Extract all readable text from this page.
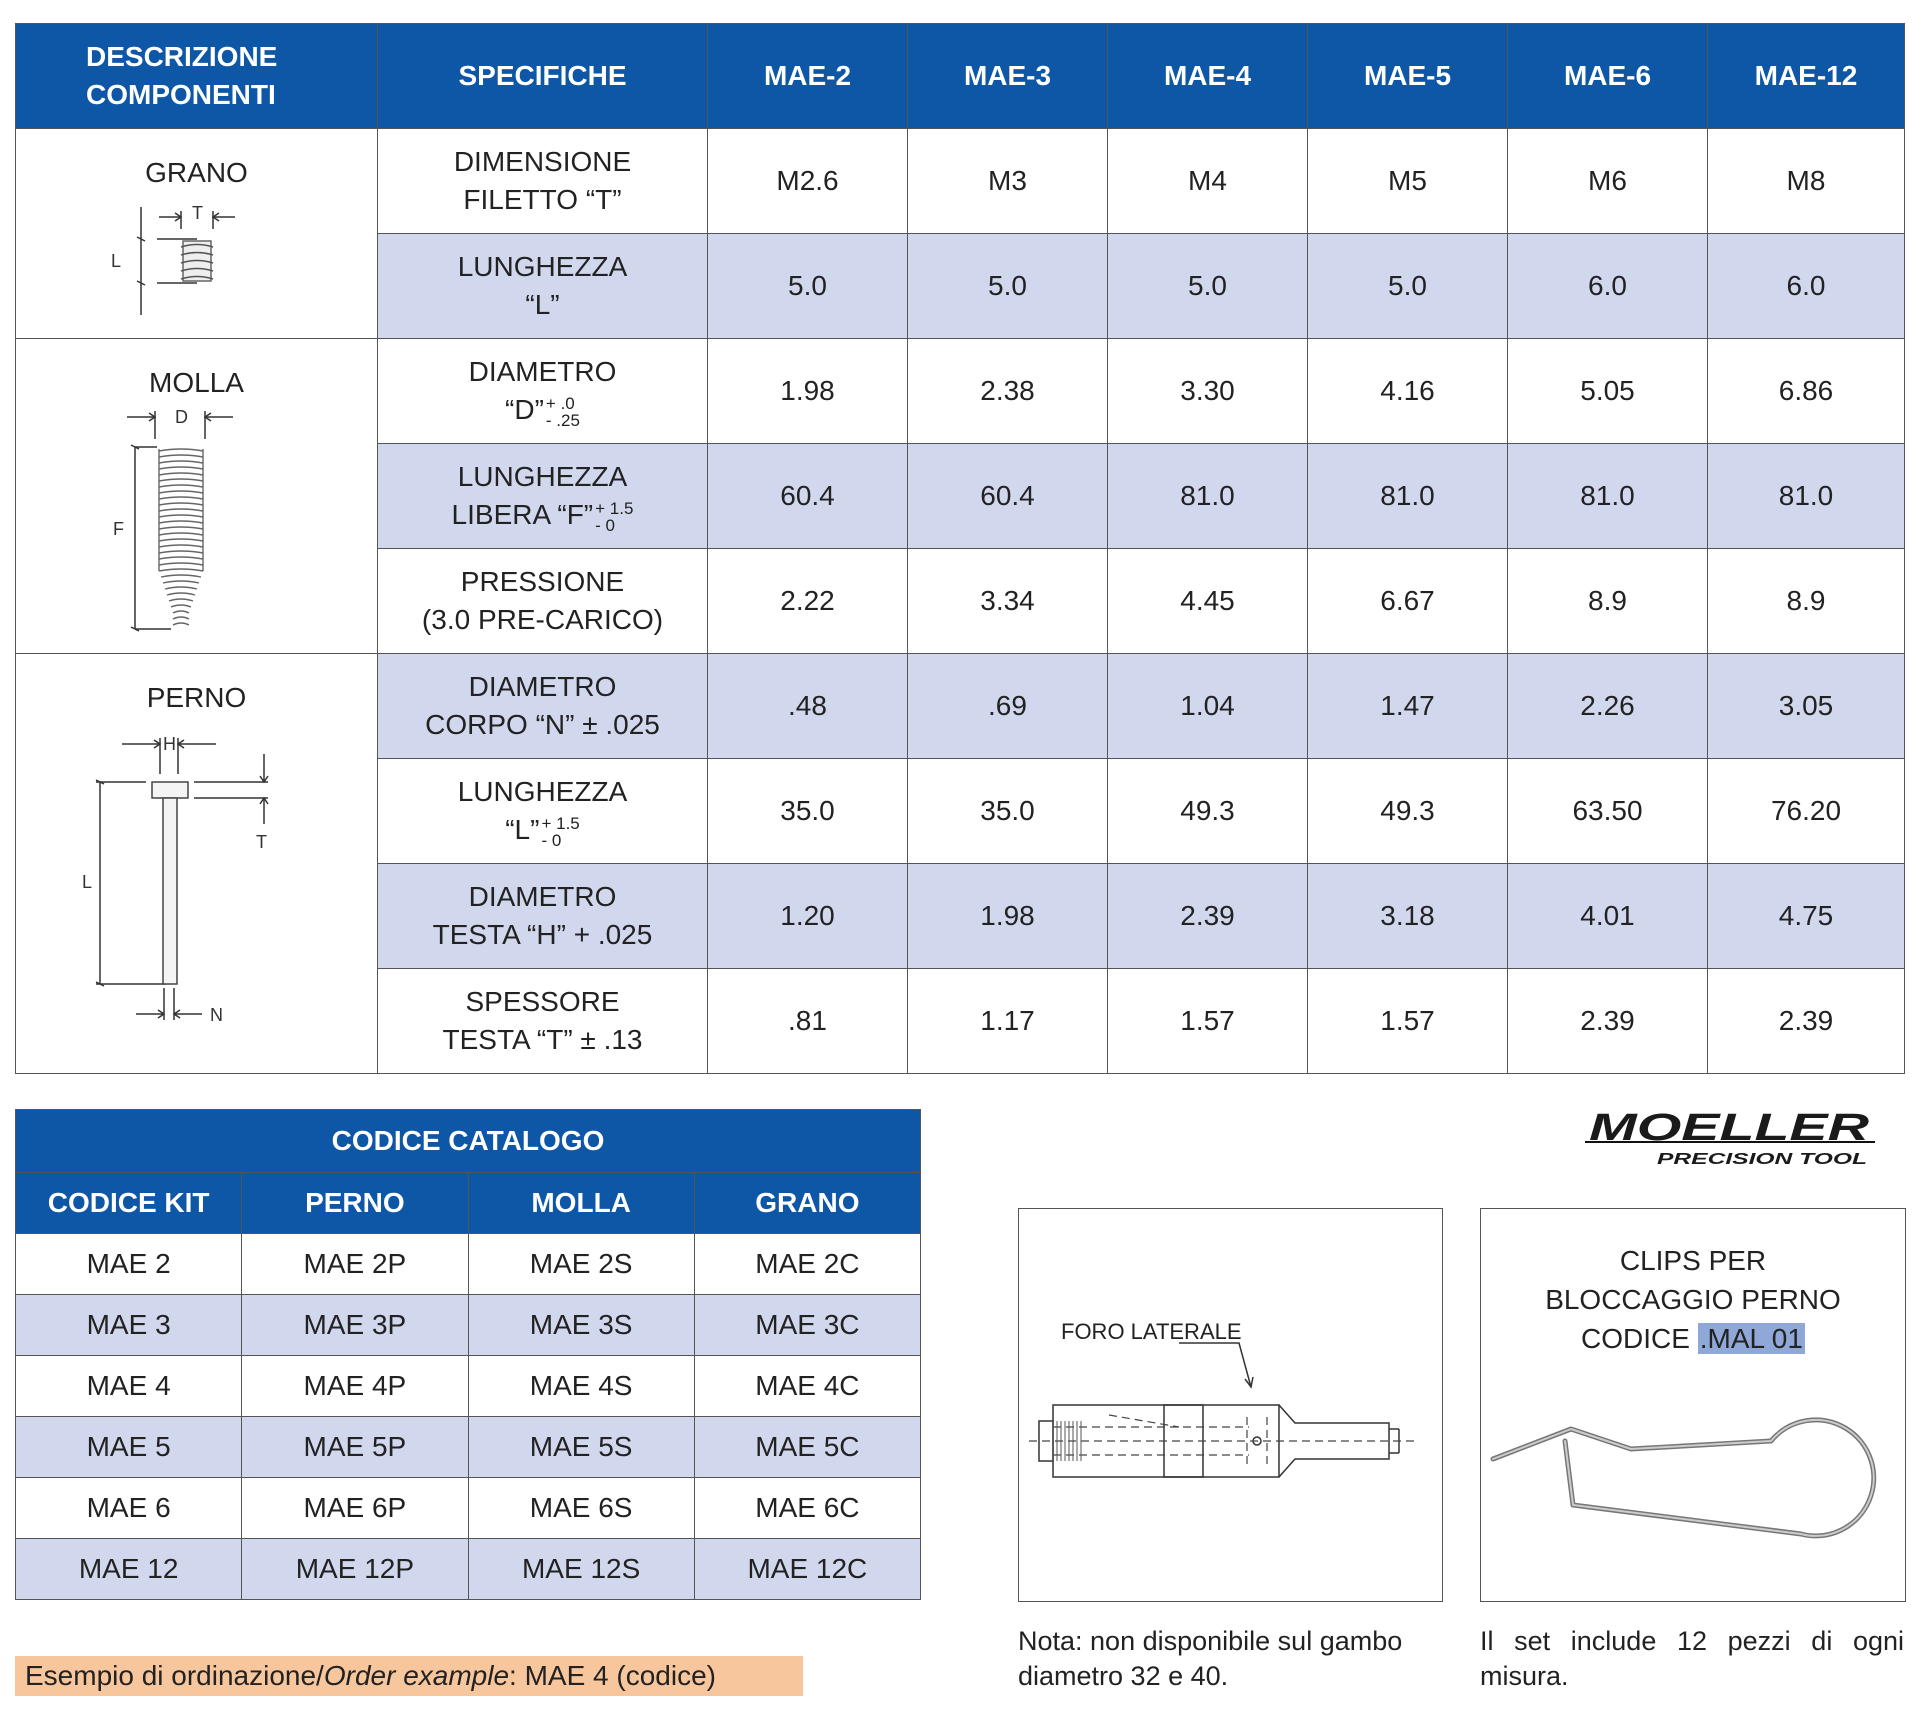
DESCRIZIONE
COMPONENTI	SPECIFICHE	MAE-2	MAE-3	MAE-4	MAE-5	MAE-6	MAE-12

GRANO
T
L	DIMENSIONE
FILETTO “T”	M2.6	M3	M4	M5	M6	M8
	LUNGHEZZA
“L”	5.0	5.0	5.0	5.0	6.0	6.0

MOLLA
D
F	DIAMETRO
“D” + .0
- .25	1.98	2.38	3.30	4.16	5.05	6.86
	LUNGHEZZA
LIBERA “F” + 1.5
- 0	60.4	60.4	81.0	81.0	81.0	81.0
	PRESSIONE
(3.0 PRE-CARICO)	2.22	3.34	4.45	6.67	8.9	8.9

PERNO
H
T
L
N	DIAMETRO
CORPO “N” ± .025	.48	.69	1.04	1.47	2.26	3.05
	LUNGHEZZA
“L” + 1.5
- 0	35.0	35.0	49.3	49.3	63.50	76.20
	DIAMETRO
TESTA “H” + .025	1.20	1.98	2.39	3.18	4.01	4.75
	SPESSORE
TESTA “T” ± .13	.81	1.17	1.57	1.57	2.39	2.39
CODICE CATALOGO			
CODICE KIT	PERNO	MOLLA	GRANO
MAE 2	MAE 2P	MAE 2S	MAE 2C
MAE 3	MAE 3P	MAE 3S	MAE 3C
MAE 4	MAE 4P	MAE 4S	MAE 4C
MAE 5	MAE 5P	MAE 5S	MAE 5C
MAE 6	MAE 6P	MAE 6S	MAE 6C
MAE 12	MAE 12P	MAE 12S	MAE 12C
MOELLER
PRECISION TOOL
FORO LATERALE
CLIPS PER
BLOCCAGGIO PERNO
CODICE .MAL 01
Nota: non disponibile sul gambo diametro 32 e 40.
Il set include 12 pezzi di ogni misura.
Esempio di ordinazione/Order example: MAE 4 (codice)
